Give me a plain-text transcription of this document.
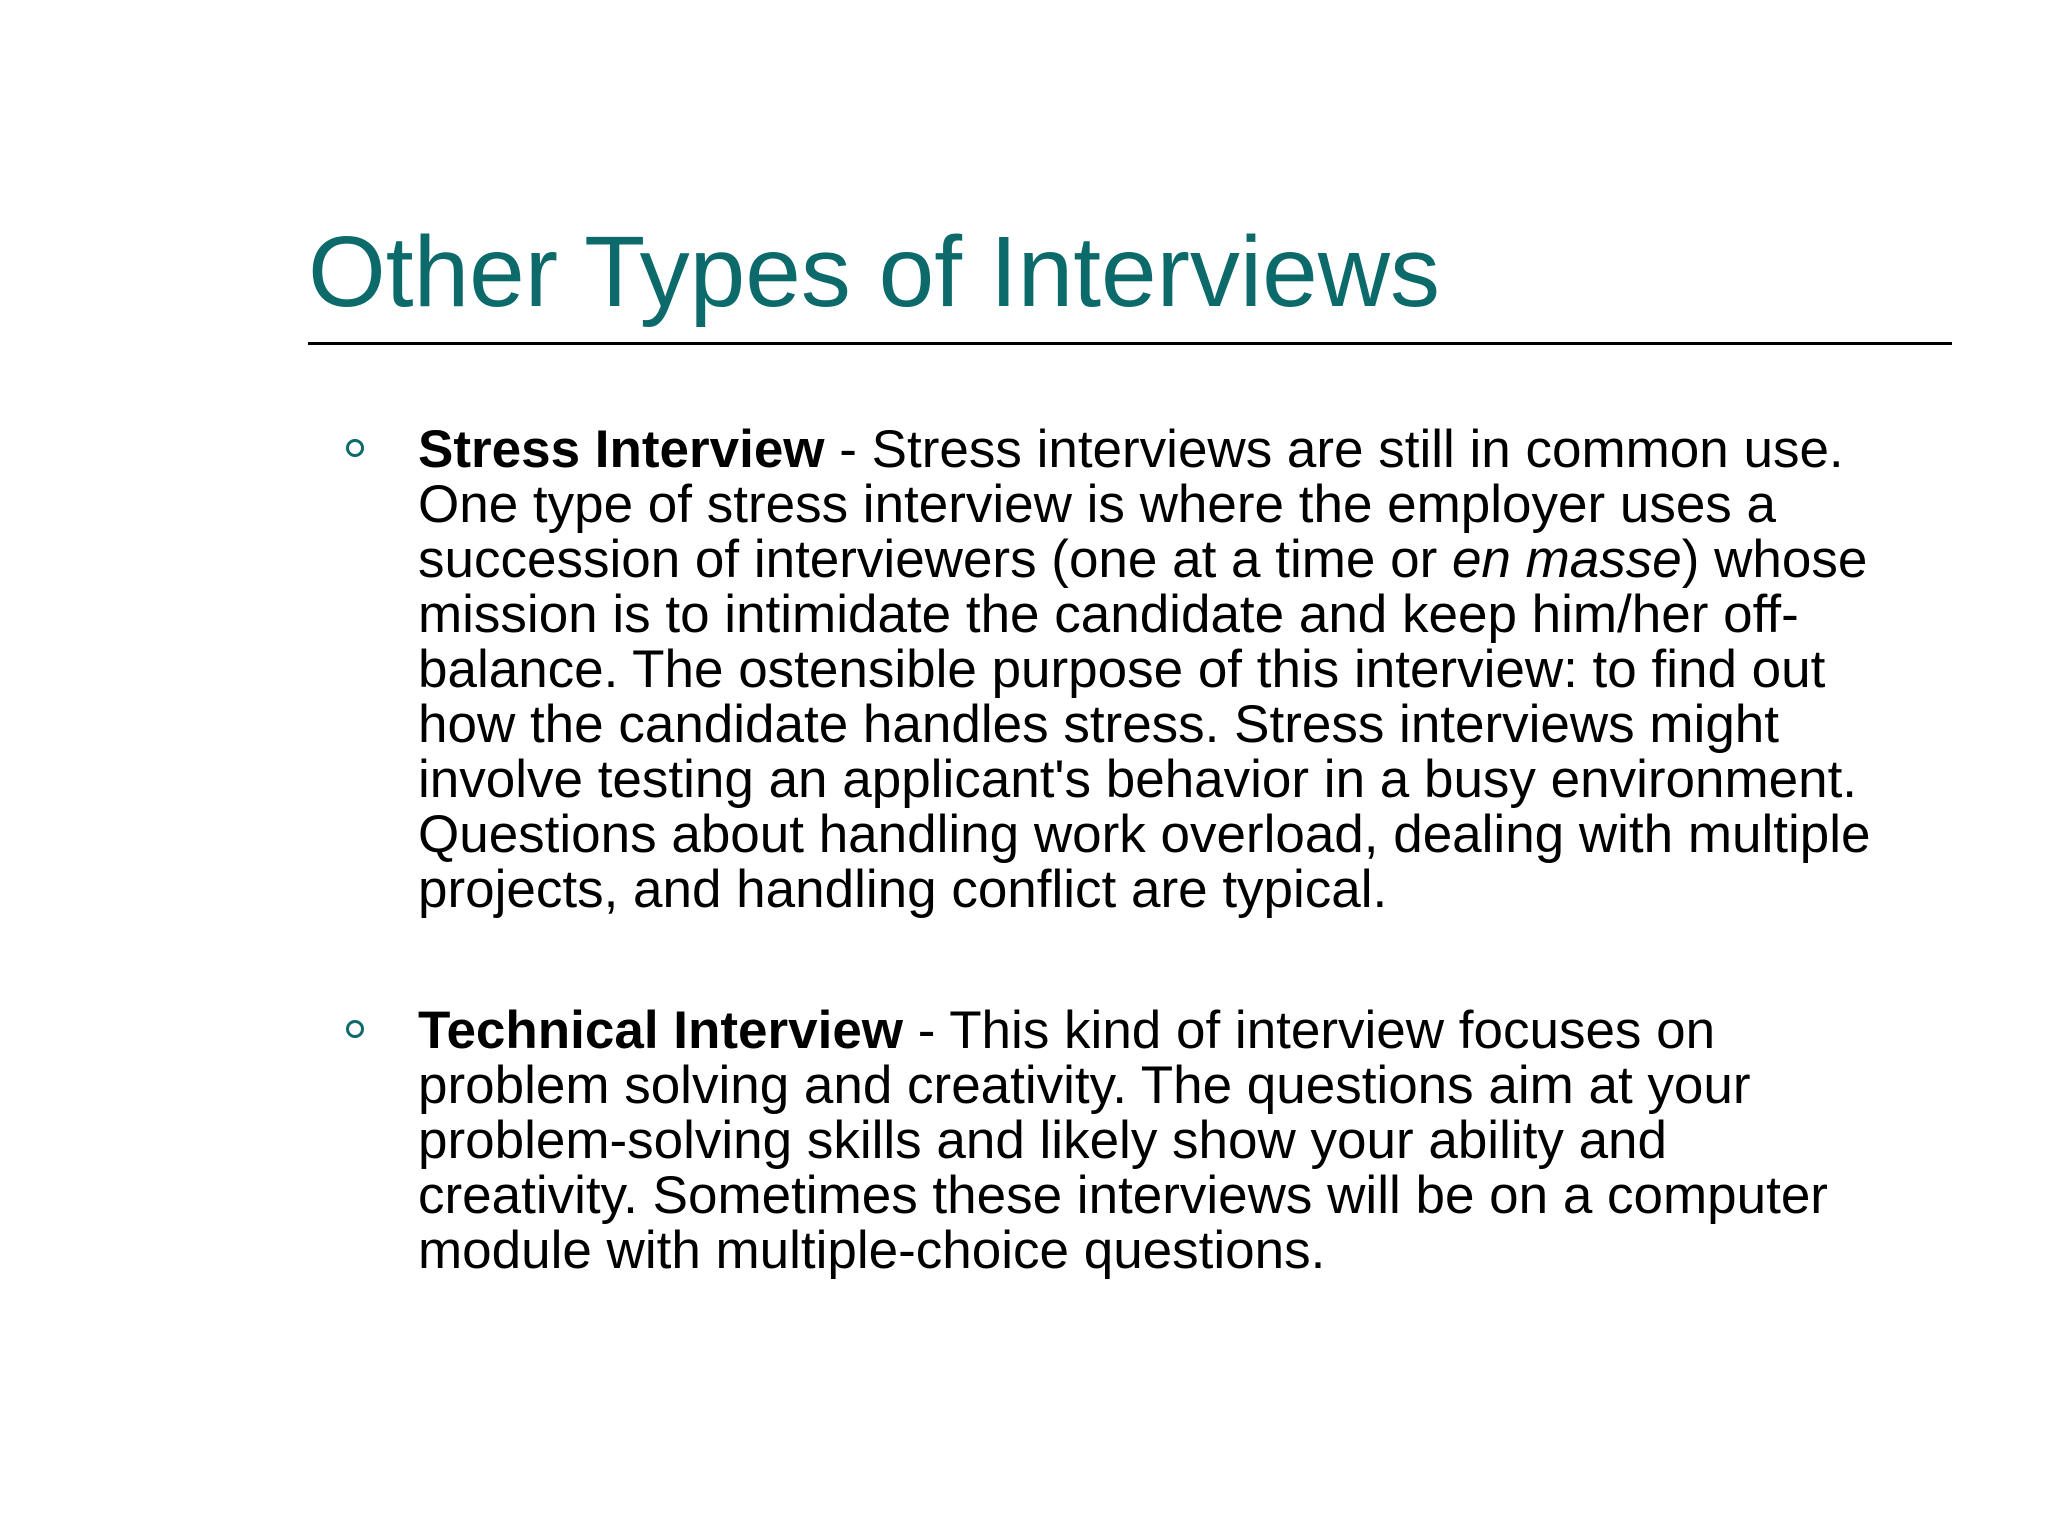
Other Types of Interviews
Stress Interview - Stress interviews are still in common use. One type of stress interview is where the employer uses a succession of interviewers (one at a time or en masse) whose mission is to intimidate the candidate and keep him/her off-balance. The ostensible purpose of this interview: to find out how the candidate handles stress. Stress interviews might involve testing an applicant's behavior in a busy environment. Questions about handling work overload, dealing with multiple projects, and handling conflict are typical.
Technical Interview - This kind of interview focuses on problem solving and creativity. The questions aim at your problem-solving skills and likely show your ability and creativity. Sometimes these interviews will be on a computer module with multiple-choice questions.
